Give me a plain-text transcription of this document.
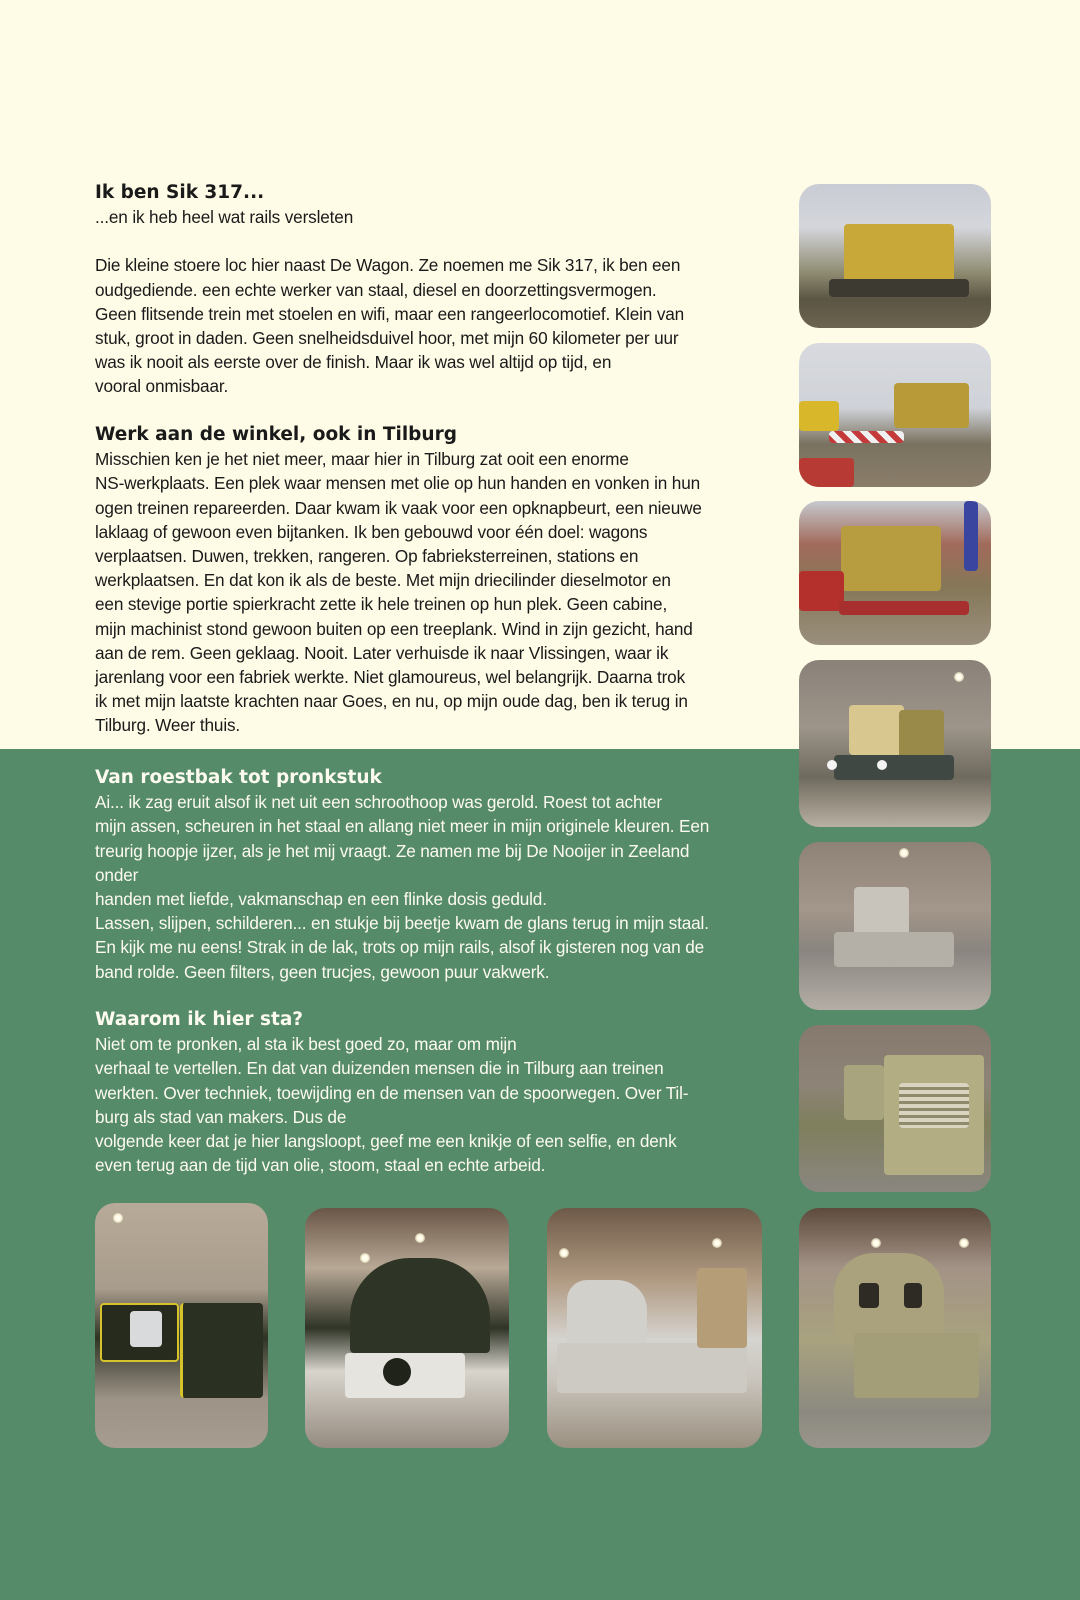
Ik ben Sik 317...

...en ik heb heel wat rails versleten

Die kleine stoere loc hier naast De Wagon. Ze noemen me Sik 317, ik ben een
oudgediende. een echte werker van staal, diesel en doorzettingsvermogen.
Geen flitsende trein met stoelen en wifi, maar een rangeerlocomotief. Klein van
stuk, groot in daden. Geen snelheidsduivel hoor, met mijn 60 kilometer per uur
was ik nooit als eerste over de finish. Maar ik was wel altijd op tijd, en
vooral onmisbaar.

Werk aan de winkel, ook in Tilburg

Misschien ken je het niet meer, maar hier in Tilburg zat ooit een enorme
NS-werkplaats. Een plek waar mensen met olie op hun handen en vonken in hun
ogen treinen repareerden. Daar kwam ik vaak voor een opknapbeurt, een nieuwe
laklaag of gewoon even bijtanken. Ik ben gebouwd voor één doel: wagons
verplaatsen. Duwen, trekken, rangeren. Op fabrieksterreinen, stations en
werkplaatsen. En dat kon ik als de beste. Met mijn driecilinder dieselmotor en
een stevige portie spierkracht zette ik hele treinen op hun plek. Geen cabine,
mijn machinist stond gewoon buiten op een treeplank. Wind in zijn gezicht, hand
aan de rem. Geen geklaag. Nooit. Later verhuisde ik naar Vlissingen, waar ik
jarenlang voor een fabriek werkte. Niet glamoureus, wel belangrijk. Daarna trok
ik met mijn laatste krachten naar Goes, en nu, op mijn oude dag, ben ik terug in
Tilburg. Weer thuis.

Van roestbak tot pronkstuk

Ai... ik zag eruit alsof ik net uit een schroothoop was gerold. Roest tot achter
mijn assen, scheuren in het staal en allang niet meer in mijn originele kleuren. Een
treurig hoopje ijzer, als je het mij vraagt. Ze namen me bij De Nooijer in Zeeland
onder
handen met liefde, vakmanschap en een flinke dosis geduld.
Lassen, slijpen, schilderen... en stukje bij beetje kwam de glans terug in mijn staal.
En kijk me nu eens! Strak in de lak, trots op mijn rails, alsof ik gisteren nog van de
band rolde. Geen filters, geen trucjes, gewoon puur vakwerk.

Waarom ik hier sta?

Niet om te pronken, al sta ik best goed zo, maar om mijn
verhaal te vertellen. En dat van duizenden mensen die in Tilburg aan treinen
werkten. Over techniek, toewijding en de mensen van de spoorwegen. Over Til-
burg als stad van makers. Dus de
volgende keer dat je hier langsloopt, geef me een knikje of een selfie, en denk
even terug aan de tijd van olie, stoom, staal en echte arbeid.
